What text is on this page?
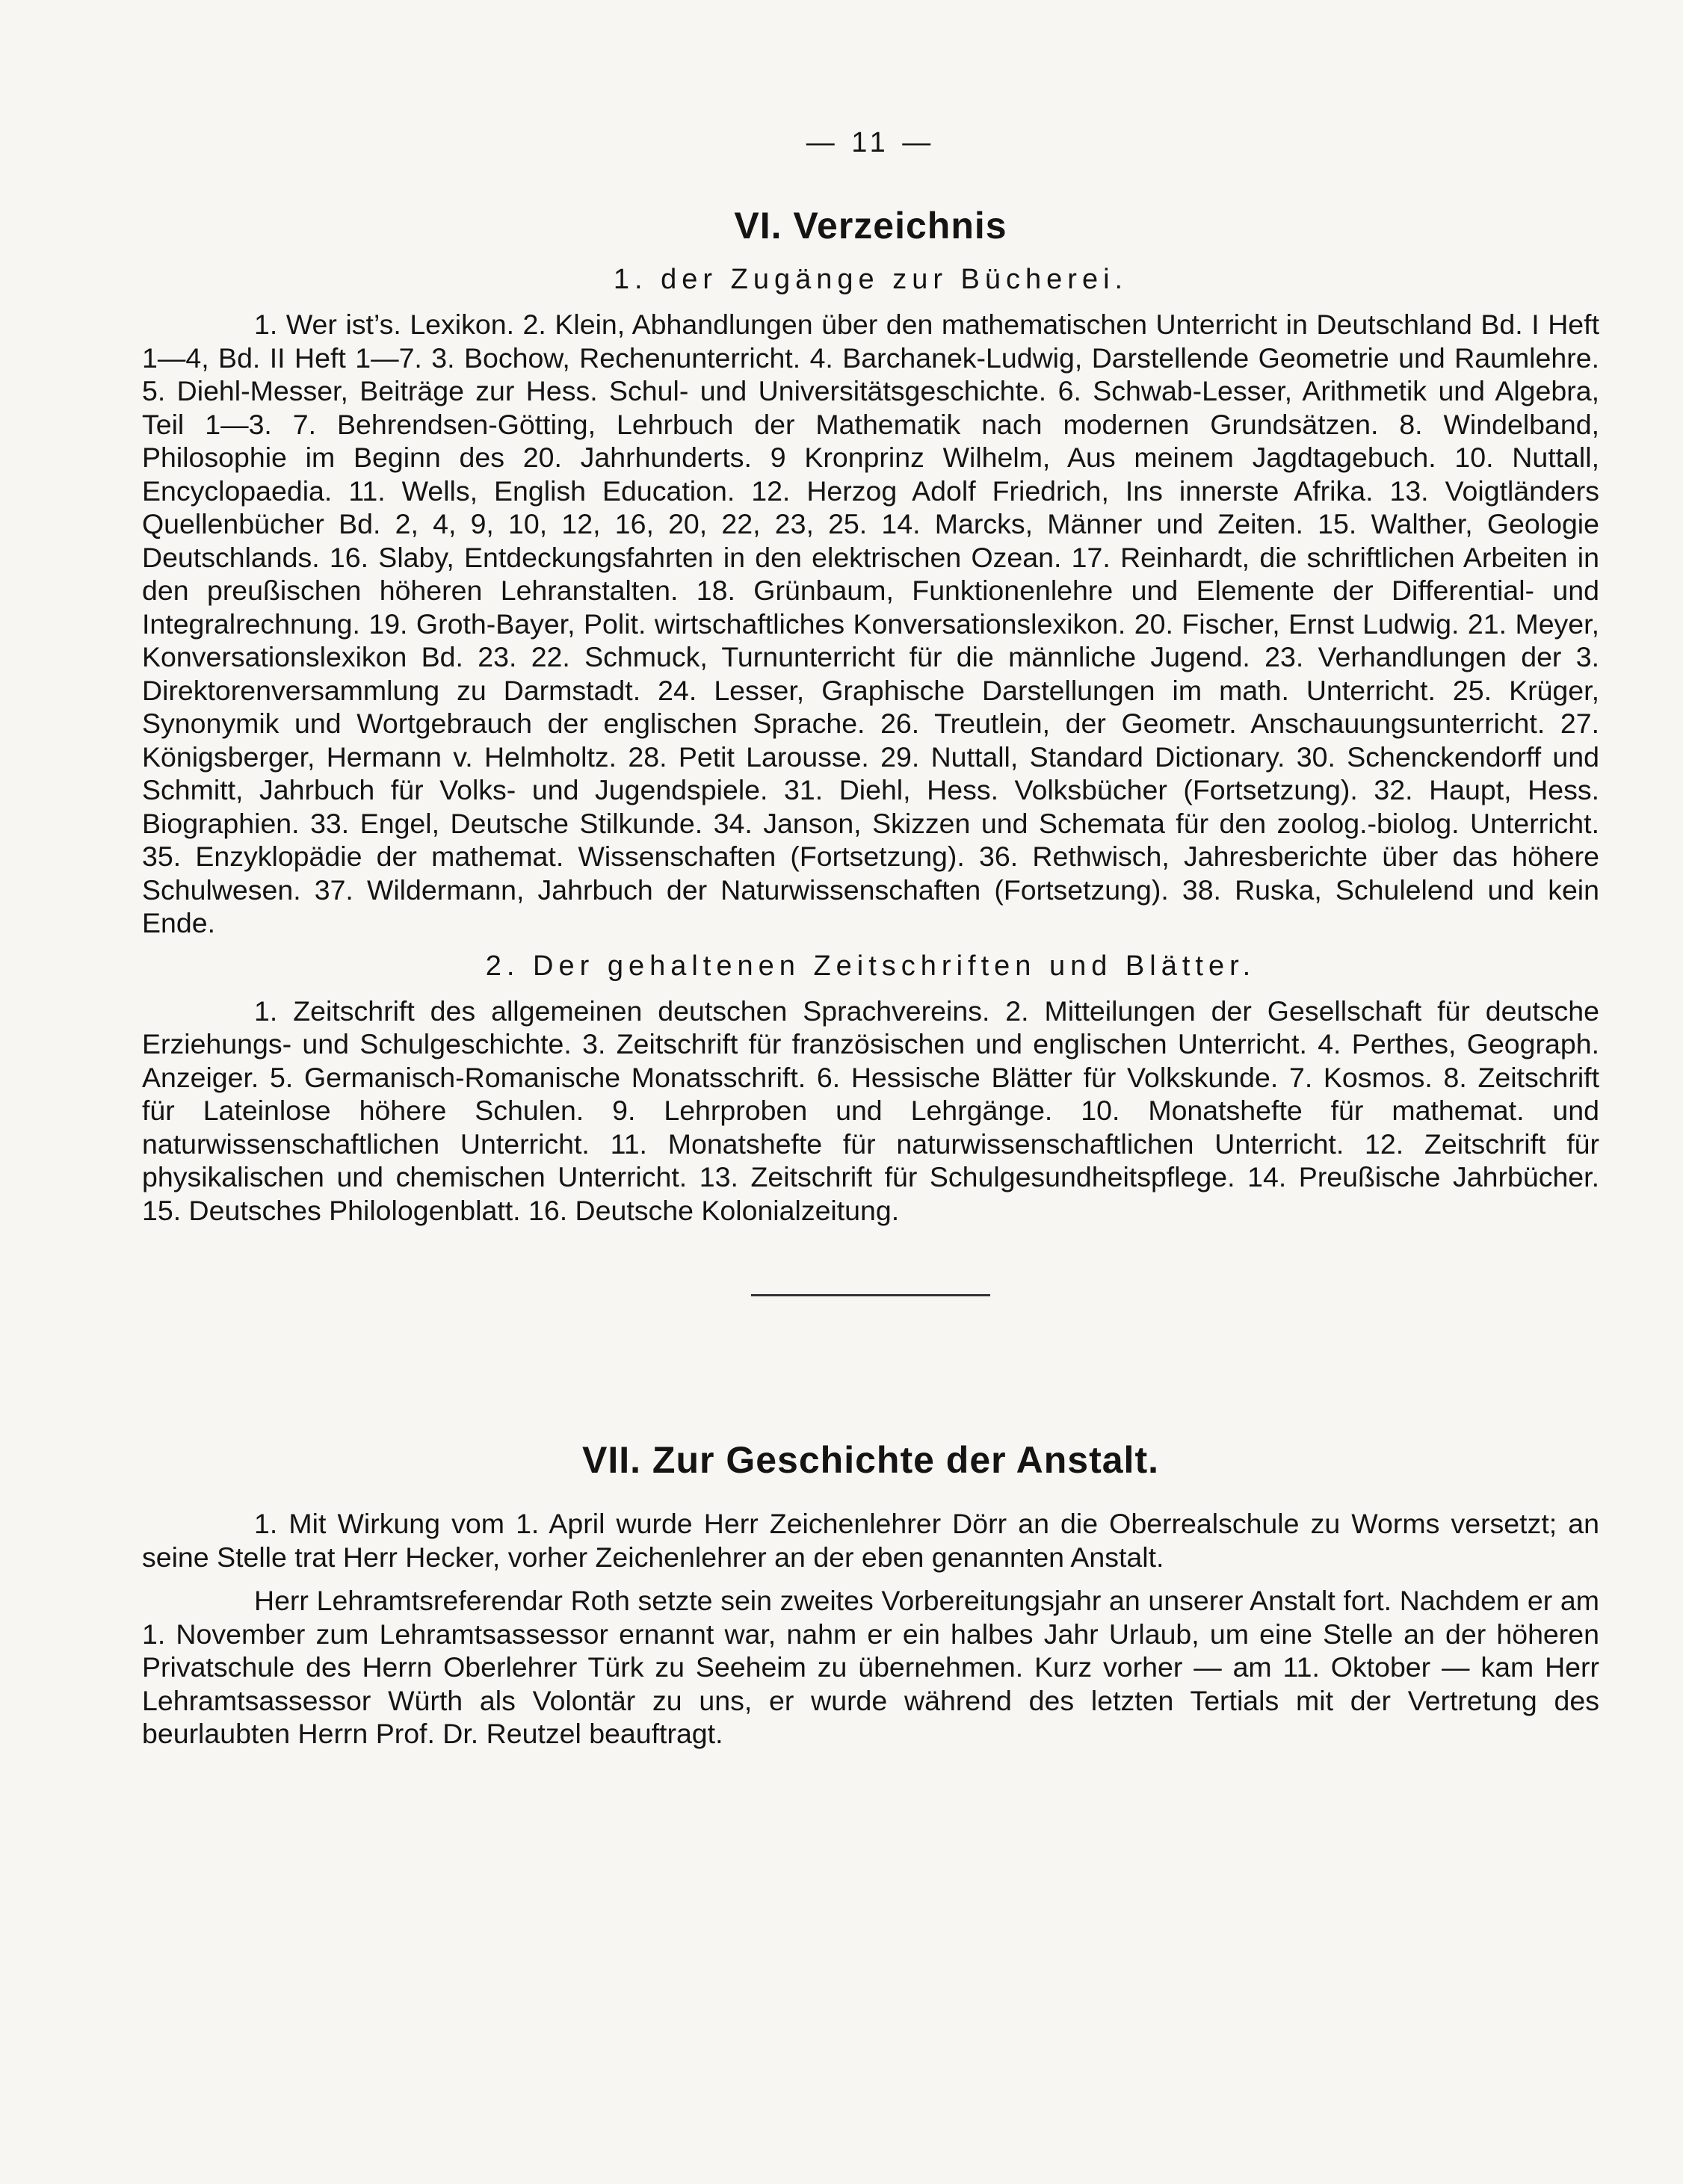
— 11 —
VI. Verzeichnis
1. der Zugänge zur Bücherei.

1. Wer ist’s. Lexikon. 2. Klein, Abhandlungen über den mathematischen Unterricht in Deutschland Bd. I Heft 1—4, Bd. II Heft 1—7. 3. Bochow, Rechenunterricht. 4. Barchanek-Ludwig, Darstellende Geometrie und Raumlehre. 5. Diehl-Messer, Beiträge zur Hess. Schul- und Universitätsgeschichte. 6. Schwab-Lesser, Arithmetik und Algebra, Teil 1—3. 7. Behrendsen-Götting, Lehrbuch der Mathematik nach modernen Grundsätzen. 8. Windelband, Philosophie im Beginn des 20. Jahrhunderts. 9 Kronprinz Wilhelm, Aus meinem Jagdtagebuch. 10. Nuttall, Encyclopaedia. 11. Wells, English Education. 12. Herzog Adolf Friedrich, Ins innerste Afrika. 13. Voigtländers Quellenbücher Bd. 2, 4, 9, 10, 12, 16, 20, 22, 23, 25. 14. Marcks, Männer und Zeiten. 15. Walther, Geologie Deutschlands. 16. Slaby, Entdeckungsfahrten in den elektrischen Ozean. 17. Reinhardt, die schriftlichen Arbeiten in den preußischen höheren Lehranstalten. 18. Grünbaum, Funktionenlehre und Elemente der Differential- und Integralrechnung. 19. Groth-Bayer, Polit. wirtschaftliches Konversationslexikon. 20. Fischer, Ernst Ludwig. 21. Meyer, Konversationslexikon Bd. 23. 22. Schmuck, Turnunterricht für die männliche Jugend. 23. Verhandlungen der 3. Direktorenversammlung zu Darmstadt. 24. Lesser, Graphische Darstellungen im math. Unterricht. 25. Krüger, Synonymik und Wortgebrauch der englischen Sprache. 26. Treutlein, der Geometr. Anschauungsunterricht. 27. Königsberger, Hermann v. Helmholtz. 28. Petit Larousse. 29. Nuttall, Standard Dictionary. 30. Schenckendorff und Schmitt, Jahrbuch für Volks- und Jugendspiele. 31. Diehl, Hess. Volksbücher (Fortsetzung). 32. Haupt, Hess. Biographien. 33. Engel, Deutsche Stilkunde. 34. Janson, Skizzen und Schemata für den zoolog.-biolog. Unterricht. 35. Enzyklopädie der mathemat. Wissenschaften (Fortsetzung). 36. Rethwisch, Jahresberichte über das höhere Schulwesen. 37. Wildermann, Jahrbuch der Naturwissenschaften (Fortsetzung). 38. Ruska, Schulelend und kein Ende.

2. Der gehaltenen Zeitschriften und Blätter.

1. Zeitschrift des allgemeinen deutschen Sprachvereins. 2. Mitteilungen der Gesellschaft für deutsche Erziehungs- und Schulgeschichte. 3. Zeitschrift für französischen und englischen Unterricht. 4. Perthes, Geograph. Anzeiger. 5. Germanisch-Romanische Monatsschrift. 6. Hessische Blätter für Volkskunde. 7. Kosmos. 8. Zeitschrift für Lateinlose höhere Schulen. 9. Lehrproben und Lehrgänge. 10. Monatshefte für mathemat. und naturwissenschaftlichen Unterricht. 11. Monatshefte für naturwissenschaftlichen Unterricht. 12. Zeitschrift für physikalischen und chemischen Unterricht. 13. Zeitschrift für Schulgesundheitspflege. 14. Preußische Jahrbücher. 15. Deutsches Philologenblatt. 16. Deutsche Kolonialzeitung.

VII. Zur Geschichte der Anstalt.

1. Mit Wirkung vom 1. April wurde Herr Zeichenlehrer Dörr an die Oberrealschule zu Worms versetzt; an seine Stelle trat Herr Hecker, vorher Zeichenlehrer an der eben genannten Anstalt.

Herr Lehramtsreferendar Roth setzte sein zweites Vorbereitungsjahr an unserer Anstalt fort. Nachdem er am 1. November zum Lehramtsassessor ernannt war, nahm er ein halbes Jahr Urlaub, um eine Stelle an der höheren Privatschule des Herrn Oberlehrer Türk zu Seeheim zu übernehmen. Kurz vorher — am 11. Oktober — kam Herr Lehramtsassessor Würth als Volontär zu uns, er wurde während des letzten Tertials mit der Vertretung des beurlaubten Herrn Prof. Dr. Reutzel beauftragt.
